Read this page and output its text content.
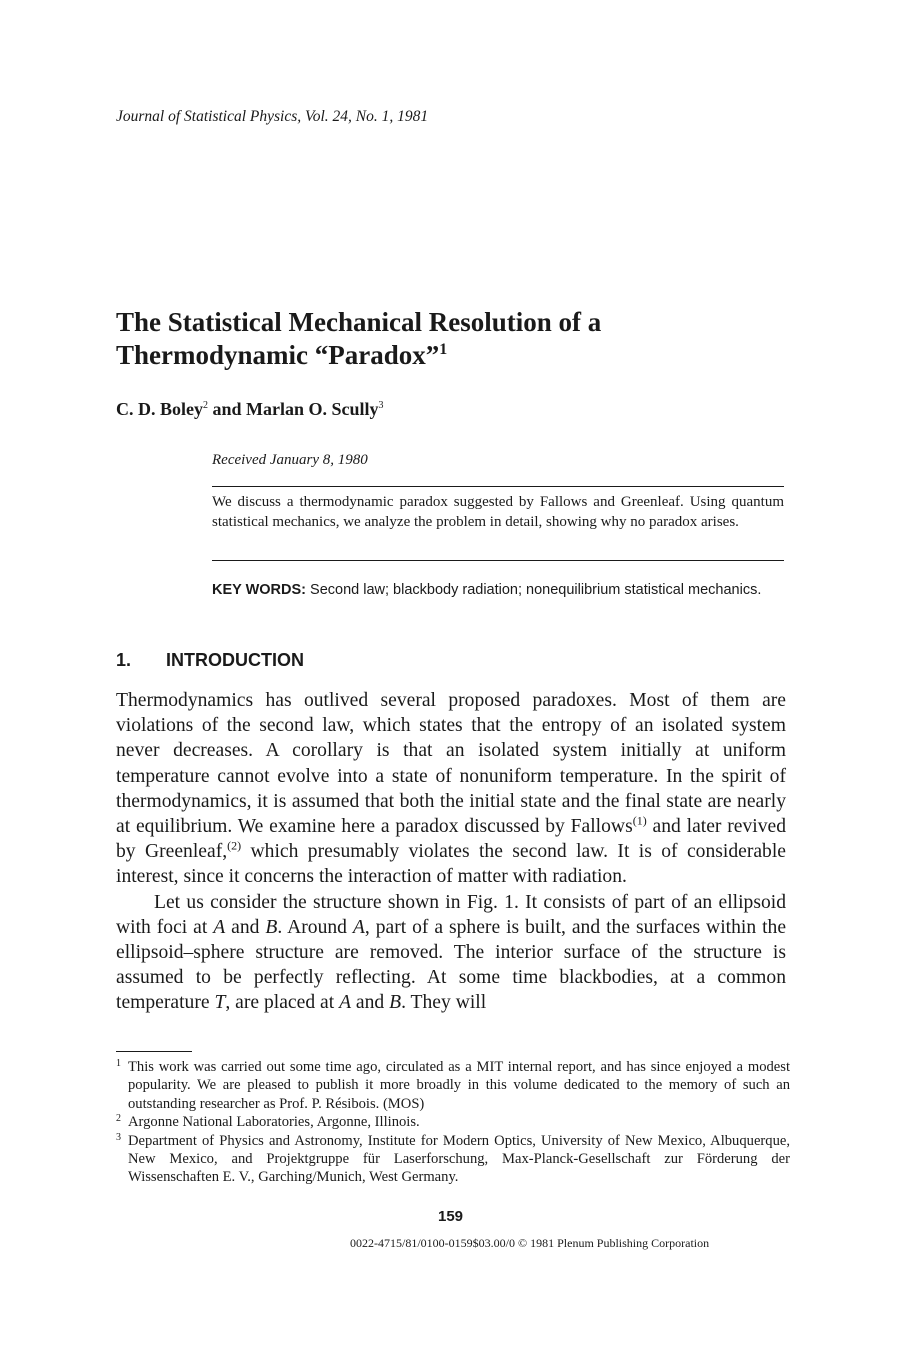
Journal of Statistical Physics, Vol. 24, No. 1, 1981
The Statistical Mechanical Resolution of a
Thermodynamic “Paradox”$^1$
C. D. Boley$^2$ and Marlan O. Scully$^3$
Received January 8, 1980
We discuss a thermodynamic paradox suggested by Fallows and Greenleaf. Using quantum statistical mechanics, we analyze the problem in detail, showing why no paradox arises.
KEY WORDS: Second law; blackbody radiation; nonequilibrium statistical mechanics.
1. INTRODUCTION

Thermodynamics has outlived several proposed paradoxes. Most of them are violations of the second law, which states that the entropy of an isolated system never decreases. A corollary is that an isolated system initially at uniform temperature cannot evolve into a state of nonuniform temperature. In the spirit of thermodynamics, it is assumed that both the initial state and the final state are nearly at equilibrium. We examine here a paradox discussed by Fallows$^{(1)}$ and later revived by Greenleaf,$^{(2)}$ which presumably violates the second law. It is of considerable interest, since it concerns the interaction of matter with radiation.

Let us consider the structure shown in Fig. 1. It consists of part of an ellipsoid with foci at A and B. Around A, part of a sphere is built, and the surfaces within the ellipsoid–sphere structure are removed. The interior surface of the structure is assumed to be perfectly reflecting. At some time blackbodies, at a common temperature T, are placed at A and B. They will

1 This work was carried out some time ago, circulated as a MIT internal report, and has since enjoyed a modest popularity. We are pleased to publish it more broadly in this volume dedicated to the memory of such an outstanding researcher as Prof. P. Résibois. (MOS)
2 Argonne National Laboratories, Argonne, Illinois.
3 Department of Physics and Astronomy, Institute for Modern Optics, University of New Mexico, Albuquerque, New Mexico, and Projektgruppe für Laserforschung, Max-Planck-Gesellschaft zur Förderung der Wissenschaften E. V., Garching/Munich, West Germany.
159
0022-4715/81/0100-0159$03.00/0 © 1981 Plenum Publishing Corporation
